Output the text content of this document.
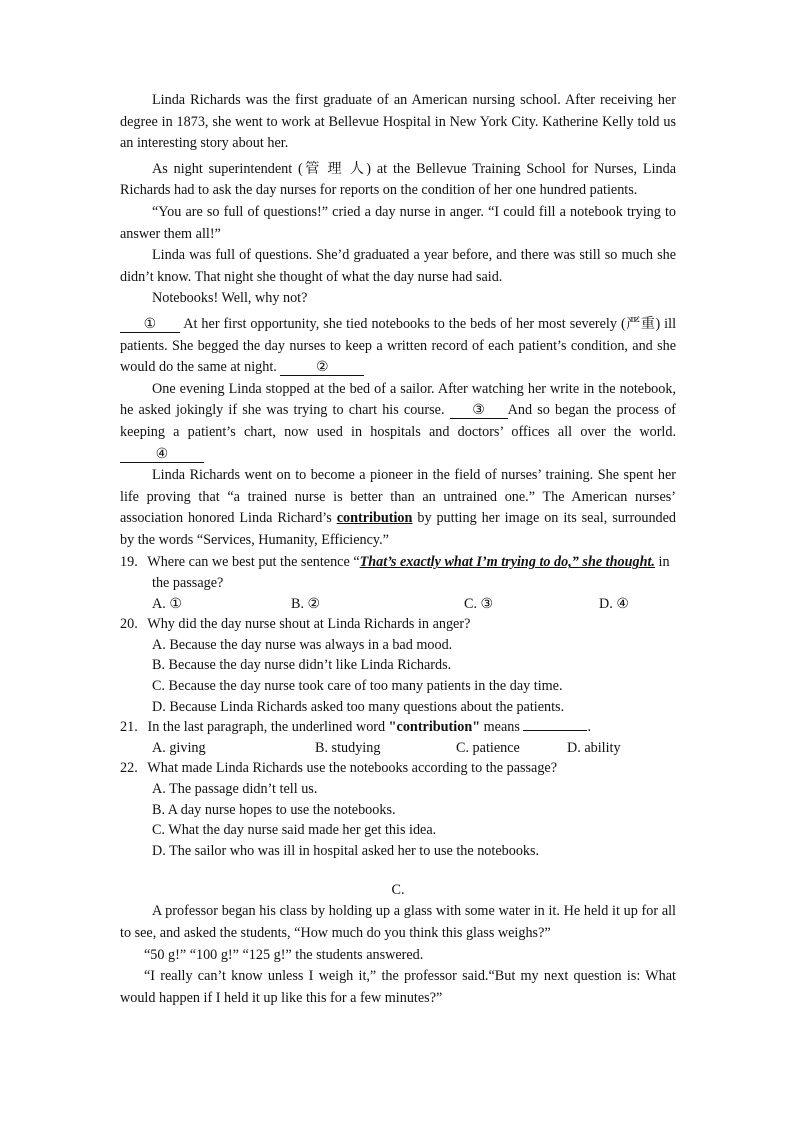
Linda Richards was the first graduate of an American nursing school. After receiving her degree in 1873, she went to work at Bellevue Hospital in New York City. Katherine Kelly told us an interesting story about her.

As night superintendent (管 理 人) at the Bellevue Training School for Nurses, Linda Richards had to ask the day nurses for reports on the condition of her one hundred patients.

“You are so full of questions!” cried a day nurse in anger. “I could fill a notebook trying to answer them all!”

Linda was full of questions. She’d graduated a year before, and there was still so much she didn’t know. That night she thought of what the day nurse had said.

Notebooks! Well, why not?

① At her first opportunity, she tied notebooks to the beds of her most severely (严重) ill patients. She begged the day nurses to keep a written record of each patient’s condition, and she would do the same at night.	②

One evening Linda stopped at the bed of a sailor. After watching her write in the notebook, he asked jokingly if she was trying to chart his course. ③ And so began the process of keeping a patient’s chart, now used in hospitals and doctors’ offices all over the world. ④

Linda Richards went on to become a pioneer in the field of nurses’ training. She spent her life proving that “a trained nurse is better than an untrained one.” The American nurses’ association honored Linda Richard’s contribution by putting her image on its seal, surrounded by the words “Services, Humanity, Efficiency.”

19. Where can we best put the sentence “That’s exactly what I’m trying to do,” she thought. in the passage?
A. ①	B. ②	C. ③	D. ④
20. Why did the day nurse shout at Linda Richards in anger?
A. Because the day nurse was always in a bad mood.
B. Because the day nurse didn’t like Linda Richards.
C. Because the day nurse took care of too many patients in the day time.
D. Because Linda Richards asked too many questions about the patients.
21. In the last paragraph, the underlined word "contribution" means	.
A. giving	B. studying	C. patience	D. ability
22. What made Linda Richards use the notebooks according to the passage?
A. The passage didn’t tell us.
B. A day nurse hopes to use the notebooks.
C. What the day nurse said made her get this idea.
D. The sailor who was ill in hospital asked her to use the notebooks.

C.

A professor began his class by holding up a glass with some water in it. He held it up for all to see, and asked the students, “How much do you think this glass weighs?”

“50 g!” “100 g!” “125 g!” the students answered.

“I really can’t know unless I weigh it,” the professor said.“But my next question is: What would happen if I held it up like this for a few minutes?”
